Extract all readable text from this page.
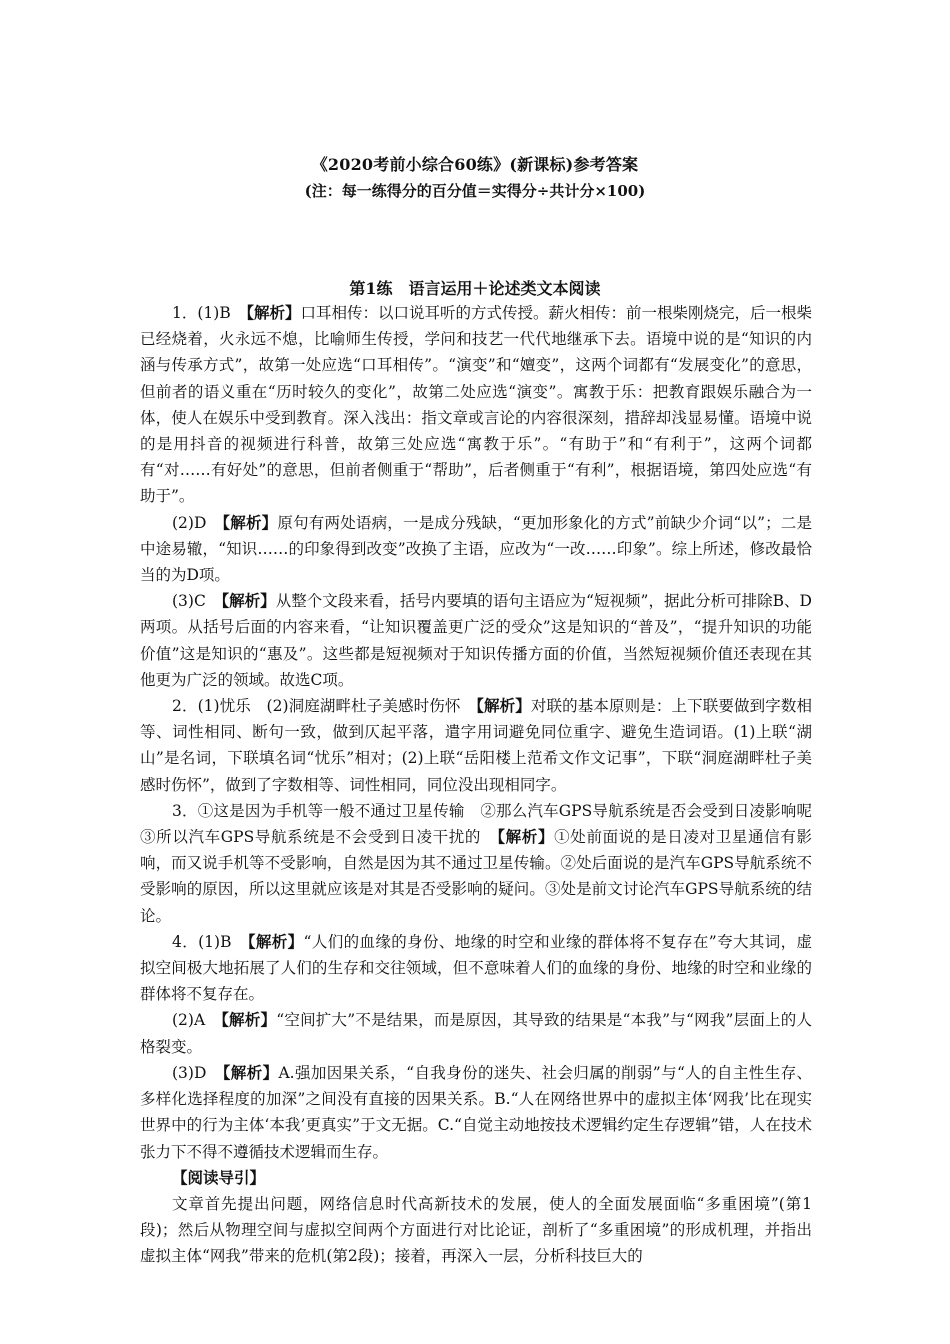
《2020考前小综合60练》(新课标)参考答案
(注：每一练得分的百分值＝实得分÷共计分×100)
第1练　语言运用＋论述类文本阅读

1．(1)B　【解析】口耳相传：以口说耳听的方式传授。薪火相传：前一根柴刚烧完，后一根柴已经烧着，火永远不熄，比喻师生传授，学问和技艺一代代地继承下去。语境中说的是“知识的内涵与传承方式”，故第一处应选“口耳相传”。“演变”和“嬗变”，这两个词都有“发展变化”的意思，但前者的语义重在“历时较久的变化”，故第二处应选“演变”。寓教于乐：把教育跟娱乐融合为一体，使人在娱乐中受到教育。深入浅出：指文章或言论的内容很深刻，措辞却浅显易懂。语境中说的是用抖音的视频进行科普，故第三处应选“寓教于乐”。“有助于”和“有利于”，这两个词都有“对……有好处”的意思，但前者侧重于“帮助”，后者侧重于“有利”，根据语境，第四处应选“有助于”。

(2)D　【解析】原句有两处语病，一是成分残缺，“更加形象化的方式”前缺少介词“以”；二是中途易辙，“知识……的印象得到改变”改换了主语，应改为“一改……印象”。综上所述，修改最恰当的为D项。

(3)C　【解析】从整个文段来看，括号内要填的语句主语应为“短视频”，据此分析可排除B、D两项。从括号后面的内容来看，“让知识覆盖更广泛的受众”这是知识的“普及”，“提升知识的功能价值”这是知识的“惠及”。这些都是短视频对于知识传播方面的价值，当然短视频价值还表现在其他更为广泛的领域。故选C项。

2．(1)忧乐　(2)洞庭湖畔杜子美感时伤怀　【解析】对联的基本原则是：上下联要做到字数相等、词性相同、断句一致，做到仄起平落，遣字用词避免同位重字、避免生造词语。(1)上联“湖山”是名词，下联填名词“忧乐”相对；(2)上联“岳阳楼上范希文作文记事”，下联“洞庭湖畔杜子美感时伤怀”，做到了字数相等、词性相同，同位没出现相同字。

3．①这是因为手机等一般不通过卫星传输　②那么汽车GPS导航系统是否会受到日凌影响呢　③所以汽车GPS导航系统是不会受到日凌干扰的　【解析】①处前面说的是日凌对卫星通信有影响，而又说手机等不受影响，自然是因为其不通过卫星传输。②处后面说的是汽车GPS导航系统不受影响的原因，所以这里就应该是对其是否受影响的疑问。③处是前文讨论汽车GPS导航系统的结论。

4．(1)B　【解析】“人们的血缘的身份、地缘的时空和业缘的群体将不复存在”夸大其词，虚拟空间极大地拓展了人们的生存和交往领域，但不意味着人们的血缘的身份、地缘的时空和业缘的群体将不复存在。

(2)A　【解析】“空间扩大”不是结果，而是原因，其导致的结果是“本我”与“网我”层面上的人格裂变。

(3)D　【解析】A.强加因果关系，“自我身份的迷失、社会归属的削弱”与“人的自主性生存、多样化选择程度的加深”之间没有直接的因果关系。B.“人在网络世界中的虚拟主体‘网我’比在现实世界中的行为主体‘本我’更真实”于文无据。C.“自觉主动地按技术逻辑约定生存逻辑”错，人在技术张力下不得不遵循技术逻辑而生存。

【阅读导引】

文章首先提出问题，网络信息时代高新技术的发展，使人的全面发展面临“多重困境”(第1段)；然后从物理空间与虚拟空间两个方面进行对比论证，剖析了“多重困境”的形成机理，并指出虚拟主体“网我”带来的危机(第2段)；接着，再深入一层，分析科技巨大的
